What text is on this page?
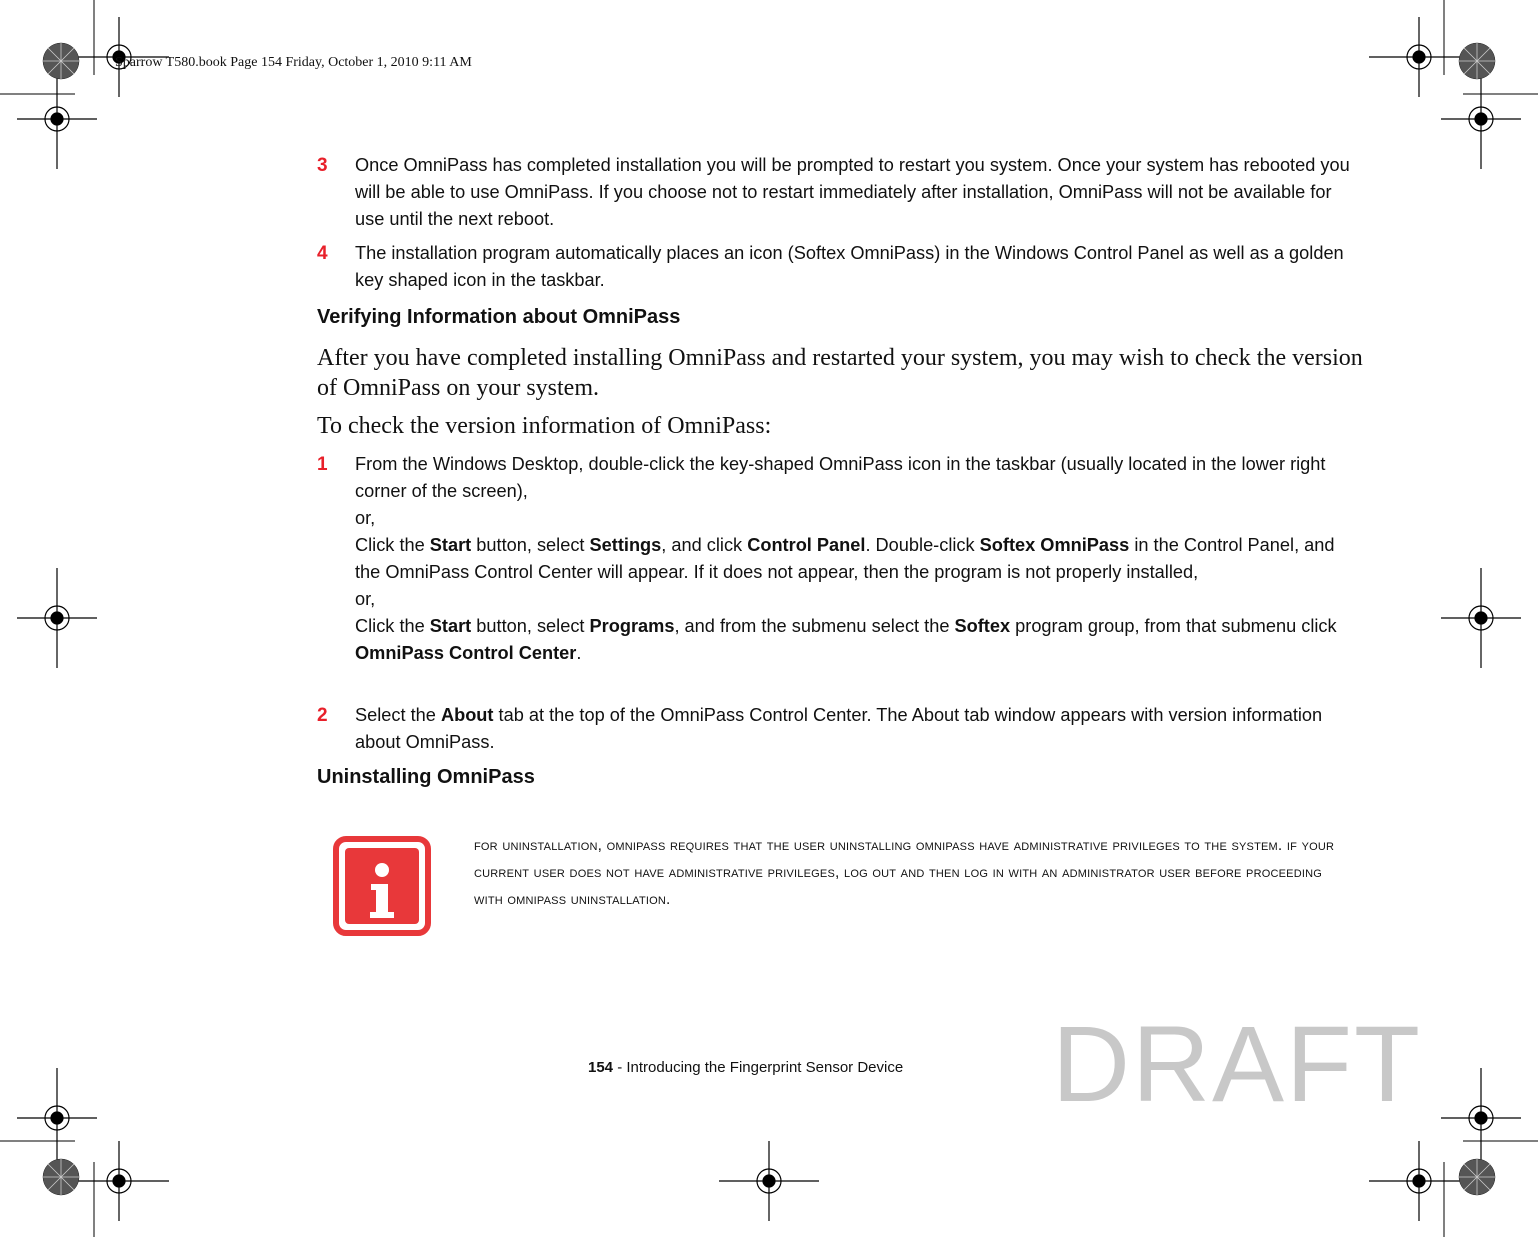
Sparrow T580.book Page 154 Friday, October 1, 2010 9:11 AM
3 Once OmniPass has completed installation you will be prompted to restart you system. Once your system has rebooted you will be able to use OmniPass. If you choose not to restart immediately after installation, OmniPass will not be available for use until the next reboot.

4 The installation program automatically places an icon (Softex OmniPass) in the Windows Control Panel as well as a golden key shaped icon in the taskbar.

Verifying Information about OmniPass
After you have completed installing OmniPass and restarted your system, you may wish to check the version of OmniPass on your system.
To check the version information of OmniPass:
1 From the Windows Desktop, double-click the key-shaped OmniPass icon in the taskbar (usually located in the lower right corner of the screen),

or,

Click the Start button, select Settings, and click Control Panel. Double-click Softex OmniPass in the Control Panel, and the OmniPass Control Center will appear. If it does not appear, then the program is not properly installed,

or,

Click the Start button, select Programs, and from the submenu select the Softex program group, from that submenu click OmniPass Control Center.

2 Select the About tab at the top of the OmniPass Control Center. The About tab window appears with version information about OmniPass.

Uninstalling OmniPass
for uninstallation, omnipass requires that the user uninstalling omnipass have administrative privileges to the system. if your current user does not have administrative privileges, log out and then log in with an administrator user before proceeding with omnipass uninstallation.
154 - Introducing the Fingerprint Sensor Device DRAFT
